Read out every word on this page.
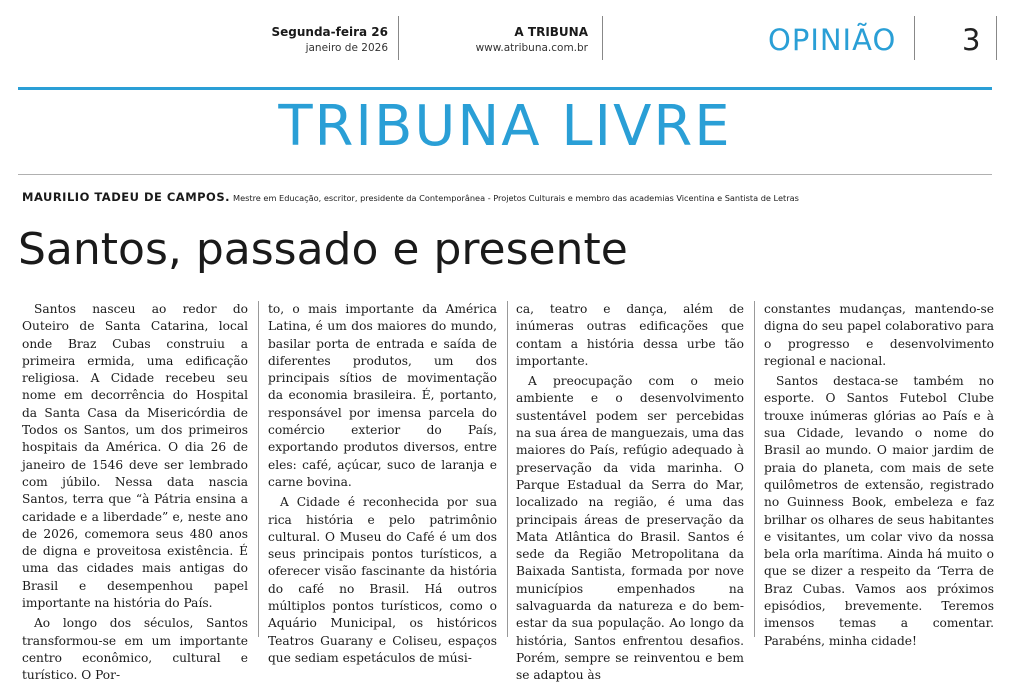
Segunda-feira 26
janeiro de 2026
A TRIBUNA
www.atribuna.com.br	OPINIÃO 3
TRIBUNA LIVRE
MAURILIO TADEU DE CAMPOS. Mestre em Educação, escritor, presidente da Contemporânea - Projetos Culturais e membro das academias Vicentina e Santista de Letras
Santos, passado e presente

Santos nasceu ao redor do Outeiro de Santa Catarina, local onde Braz Cubas construiu a primeira ermida, uma edificação religiosa. A Cidade recebeu seu nome em decorrência do Hospital da Santa Casa da Misericórdia de Todos os Santos, um dos primeiros hospitais da América. O dia 26 de janeiro de 1546 deve ser lembrado com júbilo. Nessa data nascia Santos, terra que “à Pátria ensina a caridade e a liberdade” e, neste ano de 2026, comemora seus 480 anos de digna e proveitosa existência. É uma das cidades mais antigas do Brasil e desempenhou papel importante na história do País.

Ao longo dos séculos, Santos transformou-se em um importante centro econômico, cultural e turístico. O Por-

to, o mais importante da América Latina, é um dos maiores do mundo, basilar porta de entrada e saída de diferentes produtos, um dos principais sítios de movimentação da economia brasileira. É, portanto, responsável por imensa parcela do comércio exterior do País, exportando produtos diversos, entre eles: café, açúcar, suco de laranja e carne bovina.

A Cidade é reconhecida por sua rica história e pelo patrimônio cultural. O Museu do Café é um dos seus principais pontos turísticos, a oferecer visão fascinante da história do café no Brasil. Há outros múltiplos pontos turísticos, como o Aquário Municipal, os históricos Teatros Guarany e Coliseu, espaços que sediam espetáculos de músi-

ca, teatro e dança, além de inúmeras outras edificações que contam a história dessa urbe tão importante.

A preocupação com o meio ambiente e o desenvolvimento sustentável podem ser percebidas na sua área de manguezais, uma das maiores do País, refúgio adequado à preservação da vida marinha. O Parque Estadual da Serra do Mar, localizado na região, é uma das principais áreas de preservação da Mata Atlântica do Brasil. Santos é sede da Região Metropolitana da Baixada Santista, formada por nove municípios empenhados na salvaguarda da natureza e do bem-estar da sua população. Ao longo da história, Santos enfrentou desafios. Porém, sempre se reinventou e bem se adaptou às

constantes mudanças, mantendo-se digna do seu papel colaborativo para o progresso e desenvolvimento regional e nacional.

Santos destaca-se também no esporte. O Santos Futebol Clube trouxe inúmeras glórias ao País e à sua Cidade, levando o nome do Brasil ao mundo. O maior jardim de praia do planeta, com mais de sete quilômetros de extensão, registrado no Guinness Book, embeleza e faz brilhar os olhares de seus habitantes e visitantes, um colar vivo da nossa bela orla marítima. Ainda há muito o que se dizer a respeito da ‘Terra de Braz Cubas. Vamos aos próximos episódios, brevemente. Teremos imensos temas a comentar. Parabéns, minha cidade!
